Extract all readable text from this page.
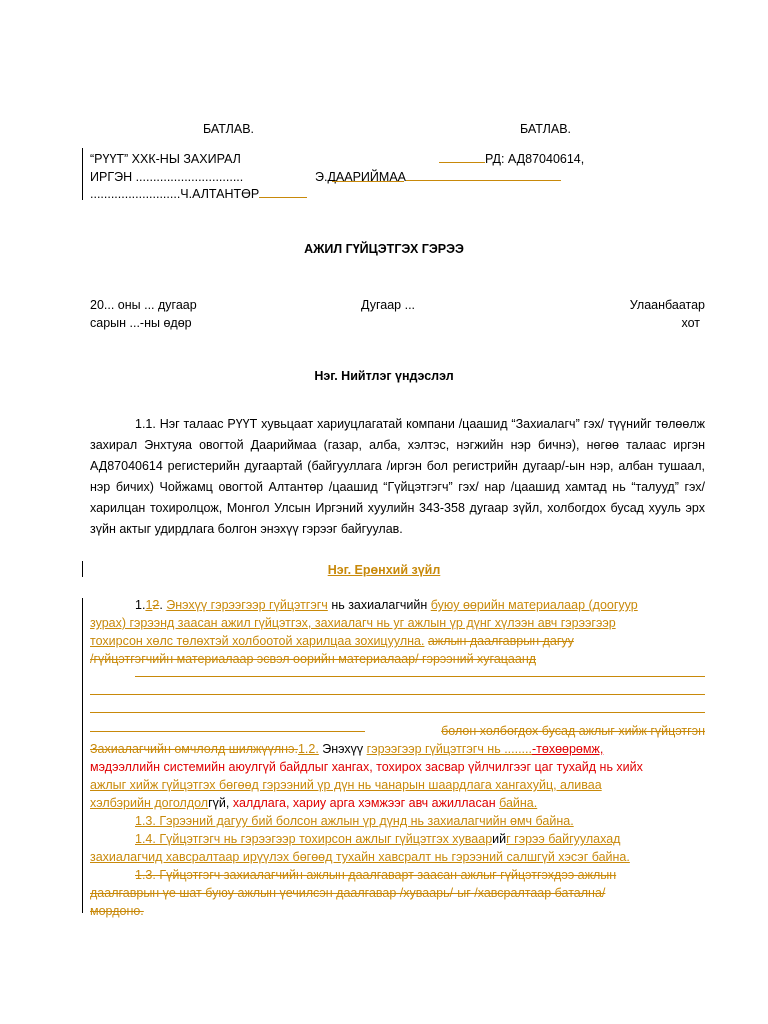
БАТЛАВ.	БАТЛАВ.
“РҮҮТ” ХХК-НЫ ЗАХИРАЛ	РД: АД87040614,
ИРГЭН ...............................	Э.ДААРИЙМАА
..........................Ч.АЛТАНТӨР
АЖИЛ ГҮЙЦЭТГЭХ ГЭРЭЭ
20... оны ... дугаар
сарын ...-ны өдөр
Дугаар ...	Улаанбаатар
хот
Нэг. Нийтлэг үндэслэл
1.1. Нэг талаас РҮҮТ хувьцаат хариуцлагатай компани /цаашид “Захиалагч” гэх/ түүнийг төлөөлж захирал Энхтуяа овогтой Даариймаа (газар, алба, хэлтэс, нэгжийн нэр бичнэ), нөгөө талаас иргэн АД87040614 регистерийн дугаартай (байгууллага /иргэн бол регистрийн дугаар/-ын нэр, албан тушаал, нэр бичих) Чойжамц овогтой Алтантөр /цаашид “Гүйцэтгэгч” гэх/ нар /цаашид хамтад нь “талууд” гэх/ харилцан тохиролцож, Монгол Улсын Иргэний хуулийн 343-358 дугаар зүйл, холбогдох бусад хууль эрх зүйн актыг удирдлага болгон энэхүү гэрээг байгуулав.
Нэг. Ерөнхий зүйл
1.12. Энэхүү гэрээгээр гүйцэтгэгч нь захиалагчийн буюу өөрийн материалаар (доогуур
зурах) гэрээнд заасан ажил гүйцэтгэх, захиалагч нь уг ажлын үр дүнг хүлээн авч гэрээгээр
тохирсон хөлс төлөхтэй холбоотой харилцаа зохицуулна. ажлын даалгаврын дагуу
/гүйцэтгэгчийн материалаар эсвэл өөрийн материалаар/ гэрээний хугацаанд
болон холбогдох бусад ажлыг хийж гүйцэтгэн
Захиалагчийн өмчлөлд шилжүүлнэ.1.2. Энэхүү гэрээгээр гүйцэтгэгч нь ........-төхөөрөмж,
мэдээллийн системийн аюулгүй байдлыг хангах, тохирох засвар үйлчилгээг цаг тухайд нь хийх
ажлыг хийж гүйцэтгэх бөгөөд гэрээний үр дүн нь чанарын шаардлага хангахуйц, аливаа
хэлбэрийн доголдолгүй, халдлага, хариу арга хэмжээг авч ажилласан байна.
1.3. Гэрээний дагуу бий болсон ажлын үр дүнд нь захиалагчийн өмч байна.
1.4. Гүйцэтгэгч нь гэрээгээр тохирсон ажлыг гүйцэтгэх хуваарийг гэрээ байгуулахад
захиалагчид хавсралтаар ирүүлэх бөгөөд тухайн хавсралт нь гэрээний салшгүй хэсэг байна.
1.3. Гүйцэтгэгч захиалагчийн ажлын даалгаварт заасан ажлыг гүйцэтгэхдээ ажлын
даалгаврын үе шат буюу ажлын үечилсэн даалгавар /хуваарь/-ыг /хавсралтаар батална/
мөрдөнө.
